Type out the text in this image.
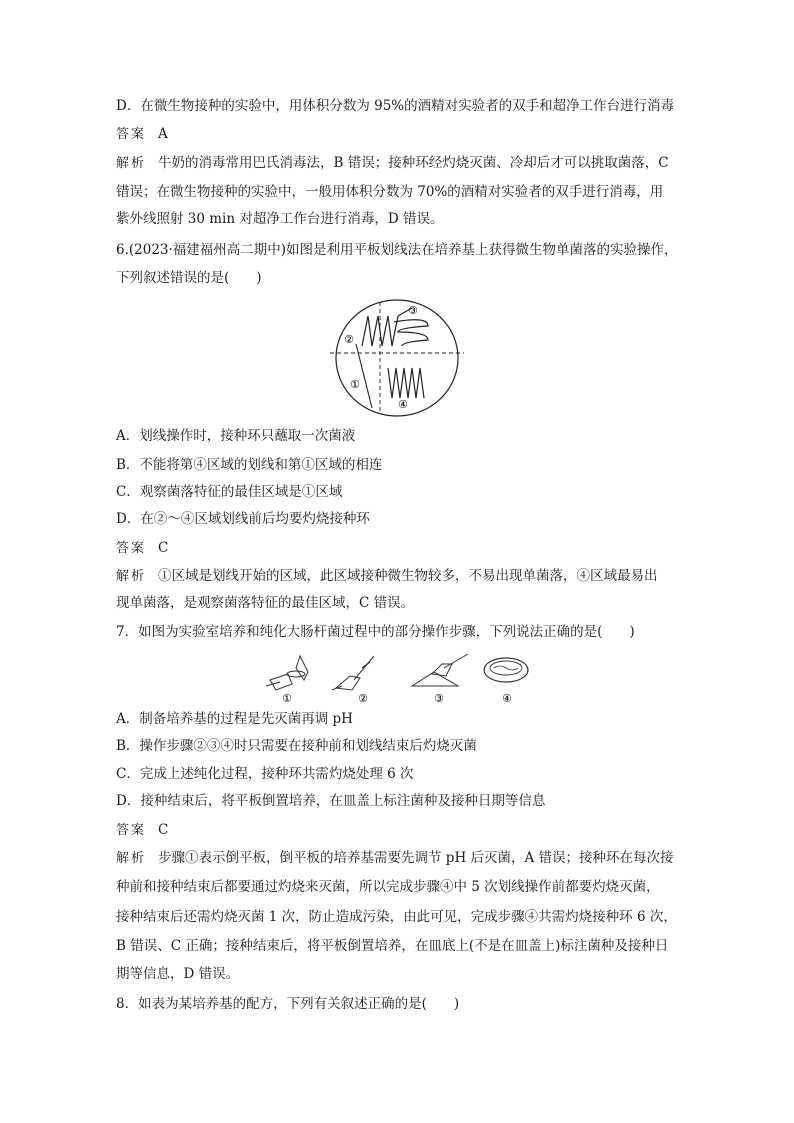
D．在微生物接种的实验中，用体积分数为 95%的酒精对实验者的双手和超净工作台进行消毒
答案 A
解析 牛奶的消毒常用巴氏消毒法，B 错误；接种环经灼烧灭菌、冷却后才可以挑取菌落，C
错误；在微生物接种的实验中，一般用体积分数为 70%的酒精对实验者的双手进行消毒，用
紫外线照射 30 min 对超净工作台进行消毒，D 错误。
6.(2023·福建福州高二期中)如图是利用平板划线法在培养基上获得微生物单菌落的实验操作，
下列叙述错误的是(　　)
③
②
①
④
A．划线操作时，接种环只蘸取一次菌液
B．不能将第④区域的划线和第①区域的相连
C．观察菌落特征的最佳区域是①区域
D．在②～④区域划线前后均要灼烧接种环
答案 C
解析 ①区域是划线开始的区域，此区域接种微生物较多，不易出现单菌落，④区域最易出
现单菌落，是观察菌落特征的最佳区域，C 错误。
7．如图为实验室培养和纯化大肠杆菌过程中的部分操作步骤，下列说法正确的是(　　)
①	②	③	④
A．制备培养基的过程是先灭菌再调 pH
B．操作步骤②③④时只需要在接种前和划线结束后灼烧灭菌
C．完成上述纯化过程，接种环共需灼烧处理 6 次
D．接种结束后，将平板倒置培养，在皿盖上标注菌种及接种日期等信息
答案 C
解析 步骤①表示倒平板，倒平板的培养基需要先调节 pH 后灭菌，A 错误；接种环在每次接
种前和接种结束后都要通过灼烧来灭菌，所以完成步骤④中 5 次划线操作前都要灼烧灭菌，
接种结束后还需灼烧灭菌 1 次，防止造成污染，由此可见，完成步骤④共需灼烧接种环 6 次，
B 错误、C 正确；接种结束后，将平板倒置培养，在皿底上(不是在皿盖上)标注菌种及接种日
期等信息，D 错误。
8．如表为某培养基的配方，下列有关叙述正确的是(　　)
